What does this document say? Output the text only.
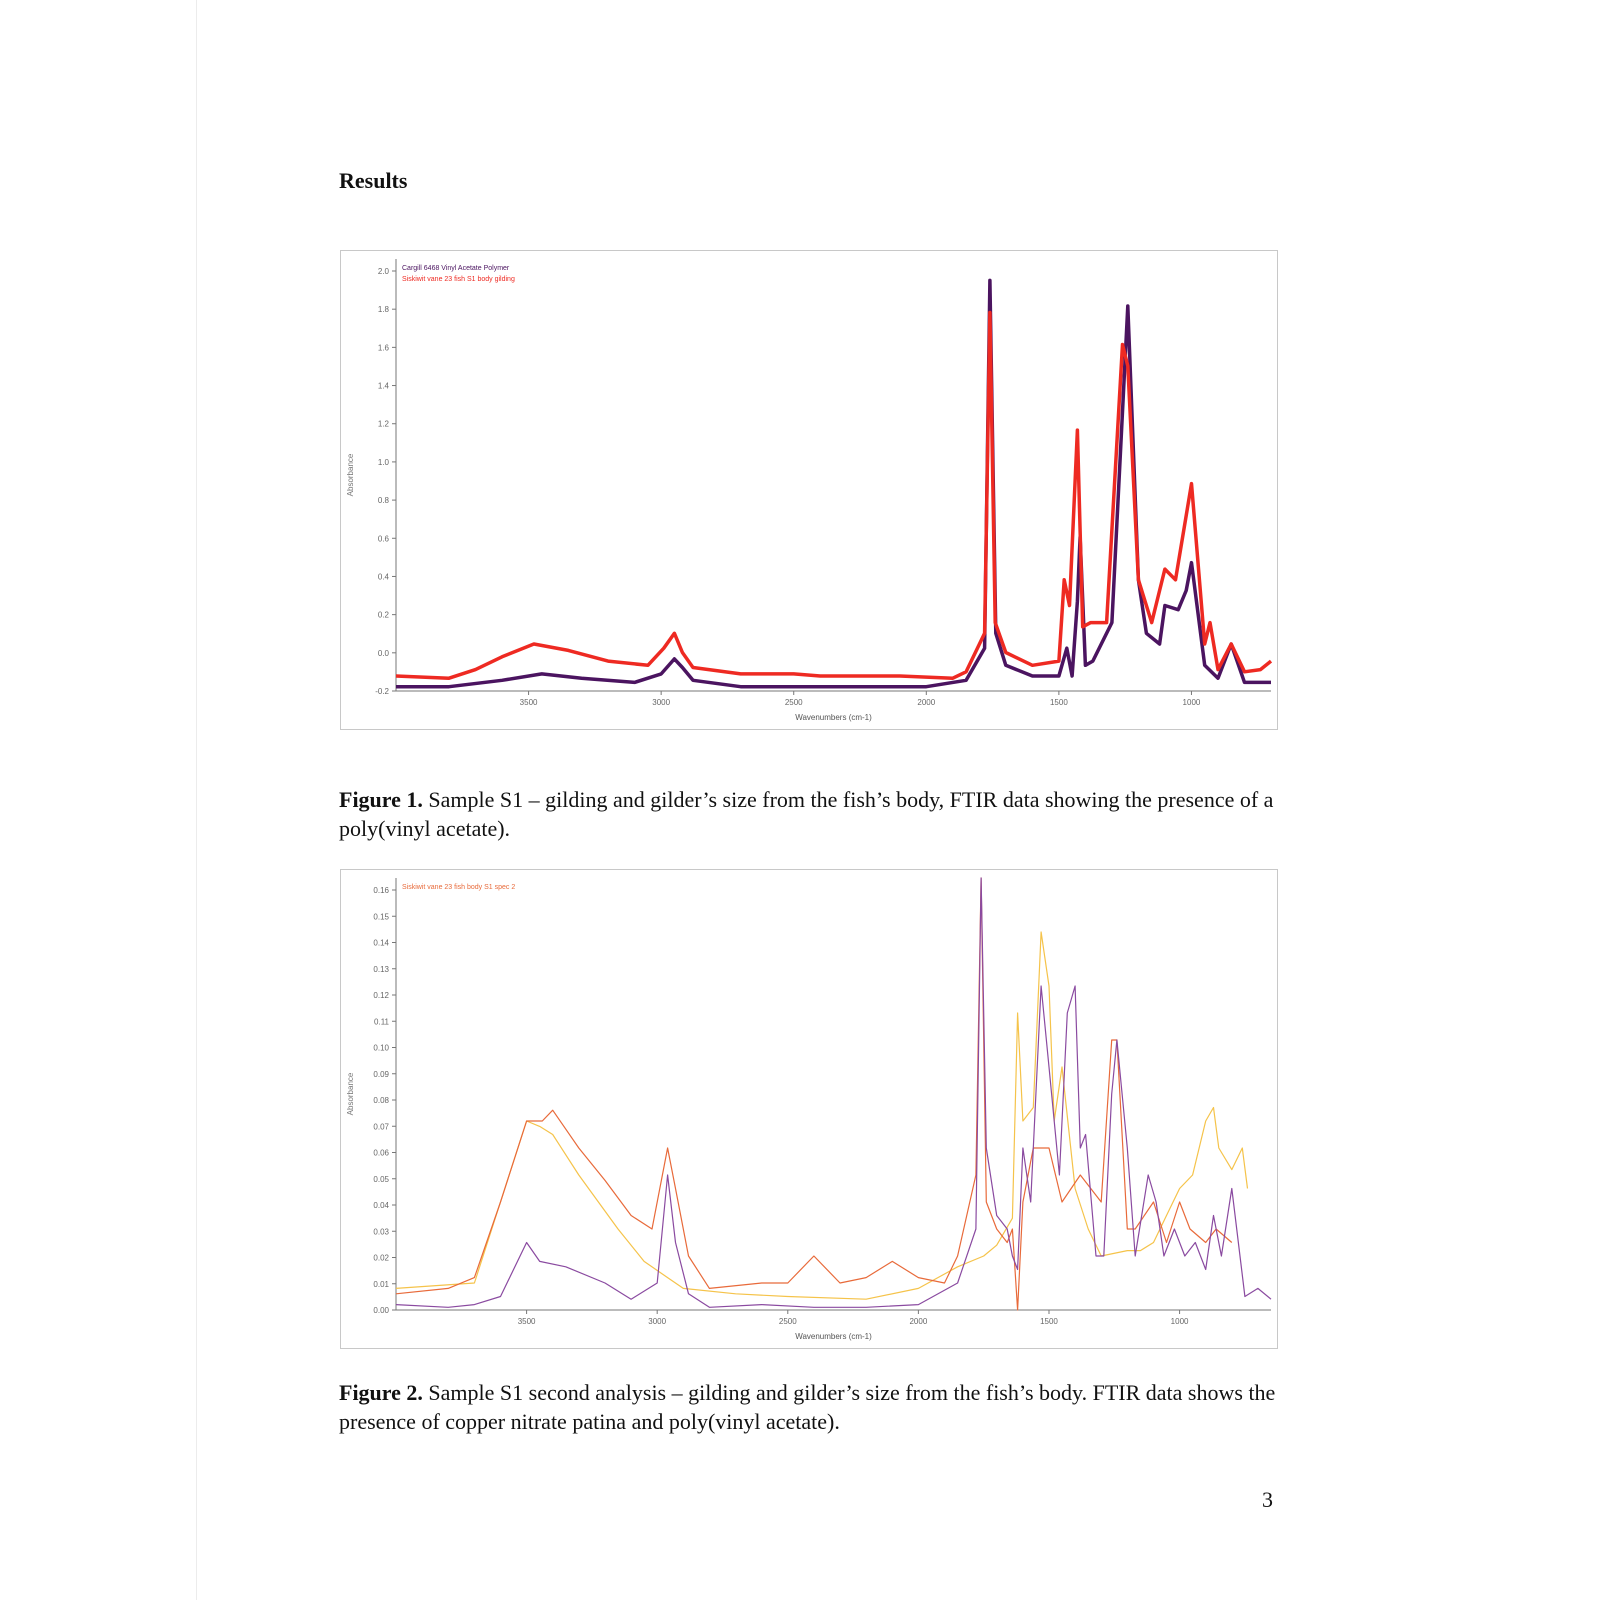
Results
2.0
1.8
1.6
1.4
1.2
1.0
0.8
0.6
0.4
0.2
0.0
-0.2
3500	3000	2500	2000	1500	1000
Wavenumbers (cm-1)
Absorbance
Cargill 6468 Vinyl Acetate Polymer
Siskiwit vane 23 fish S1 body gilding
Figure 1. Sample S1 – gilding and gilder’s size from the fish’s body, FTIR data showing the presence of a poly(vinyl acetate).
0.16
0.15
0.14
0.13
0.12
0.11
0.10
0.09
0.08
0.07
0.06
0.05
0.04
0.03
0.02
0.01
0.00
3500	3000	2500	2000	1500	1000
Wavenumbers (cm-1)
Absorbance
Siskiwit vane 23 fish body S1 spec 2
Figure 2. Sample S1 second analysis – gilding and gilder’s size from the fish’s body. FTIR data shows the presence of copper nitrate patina and poly(vinyl acetate).
3
